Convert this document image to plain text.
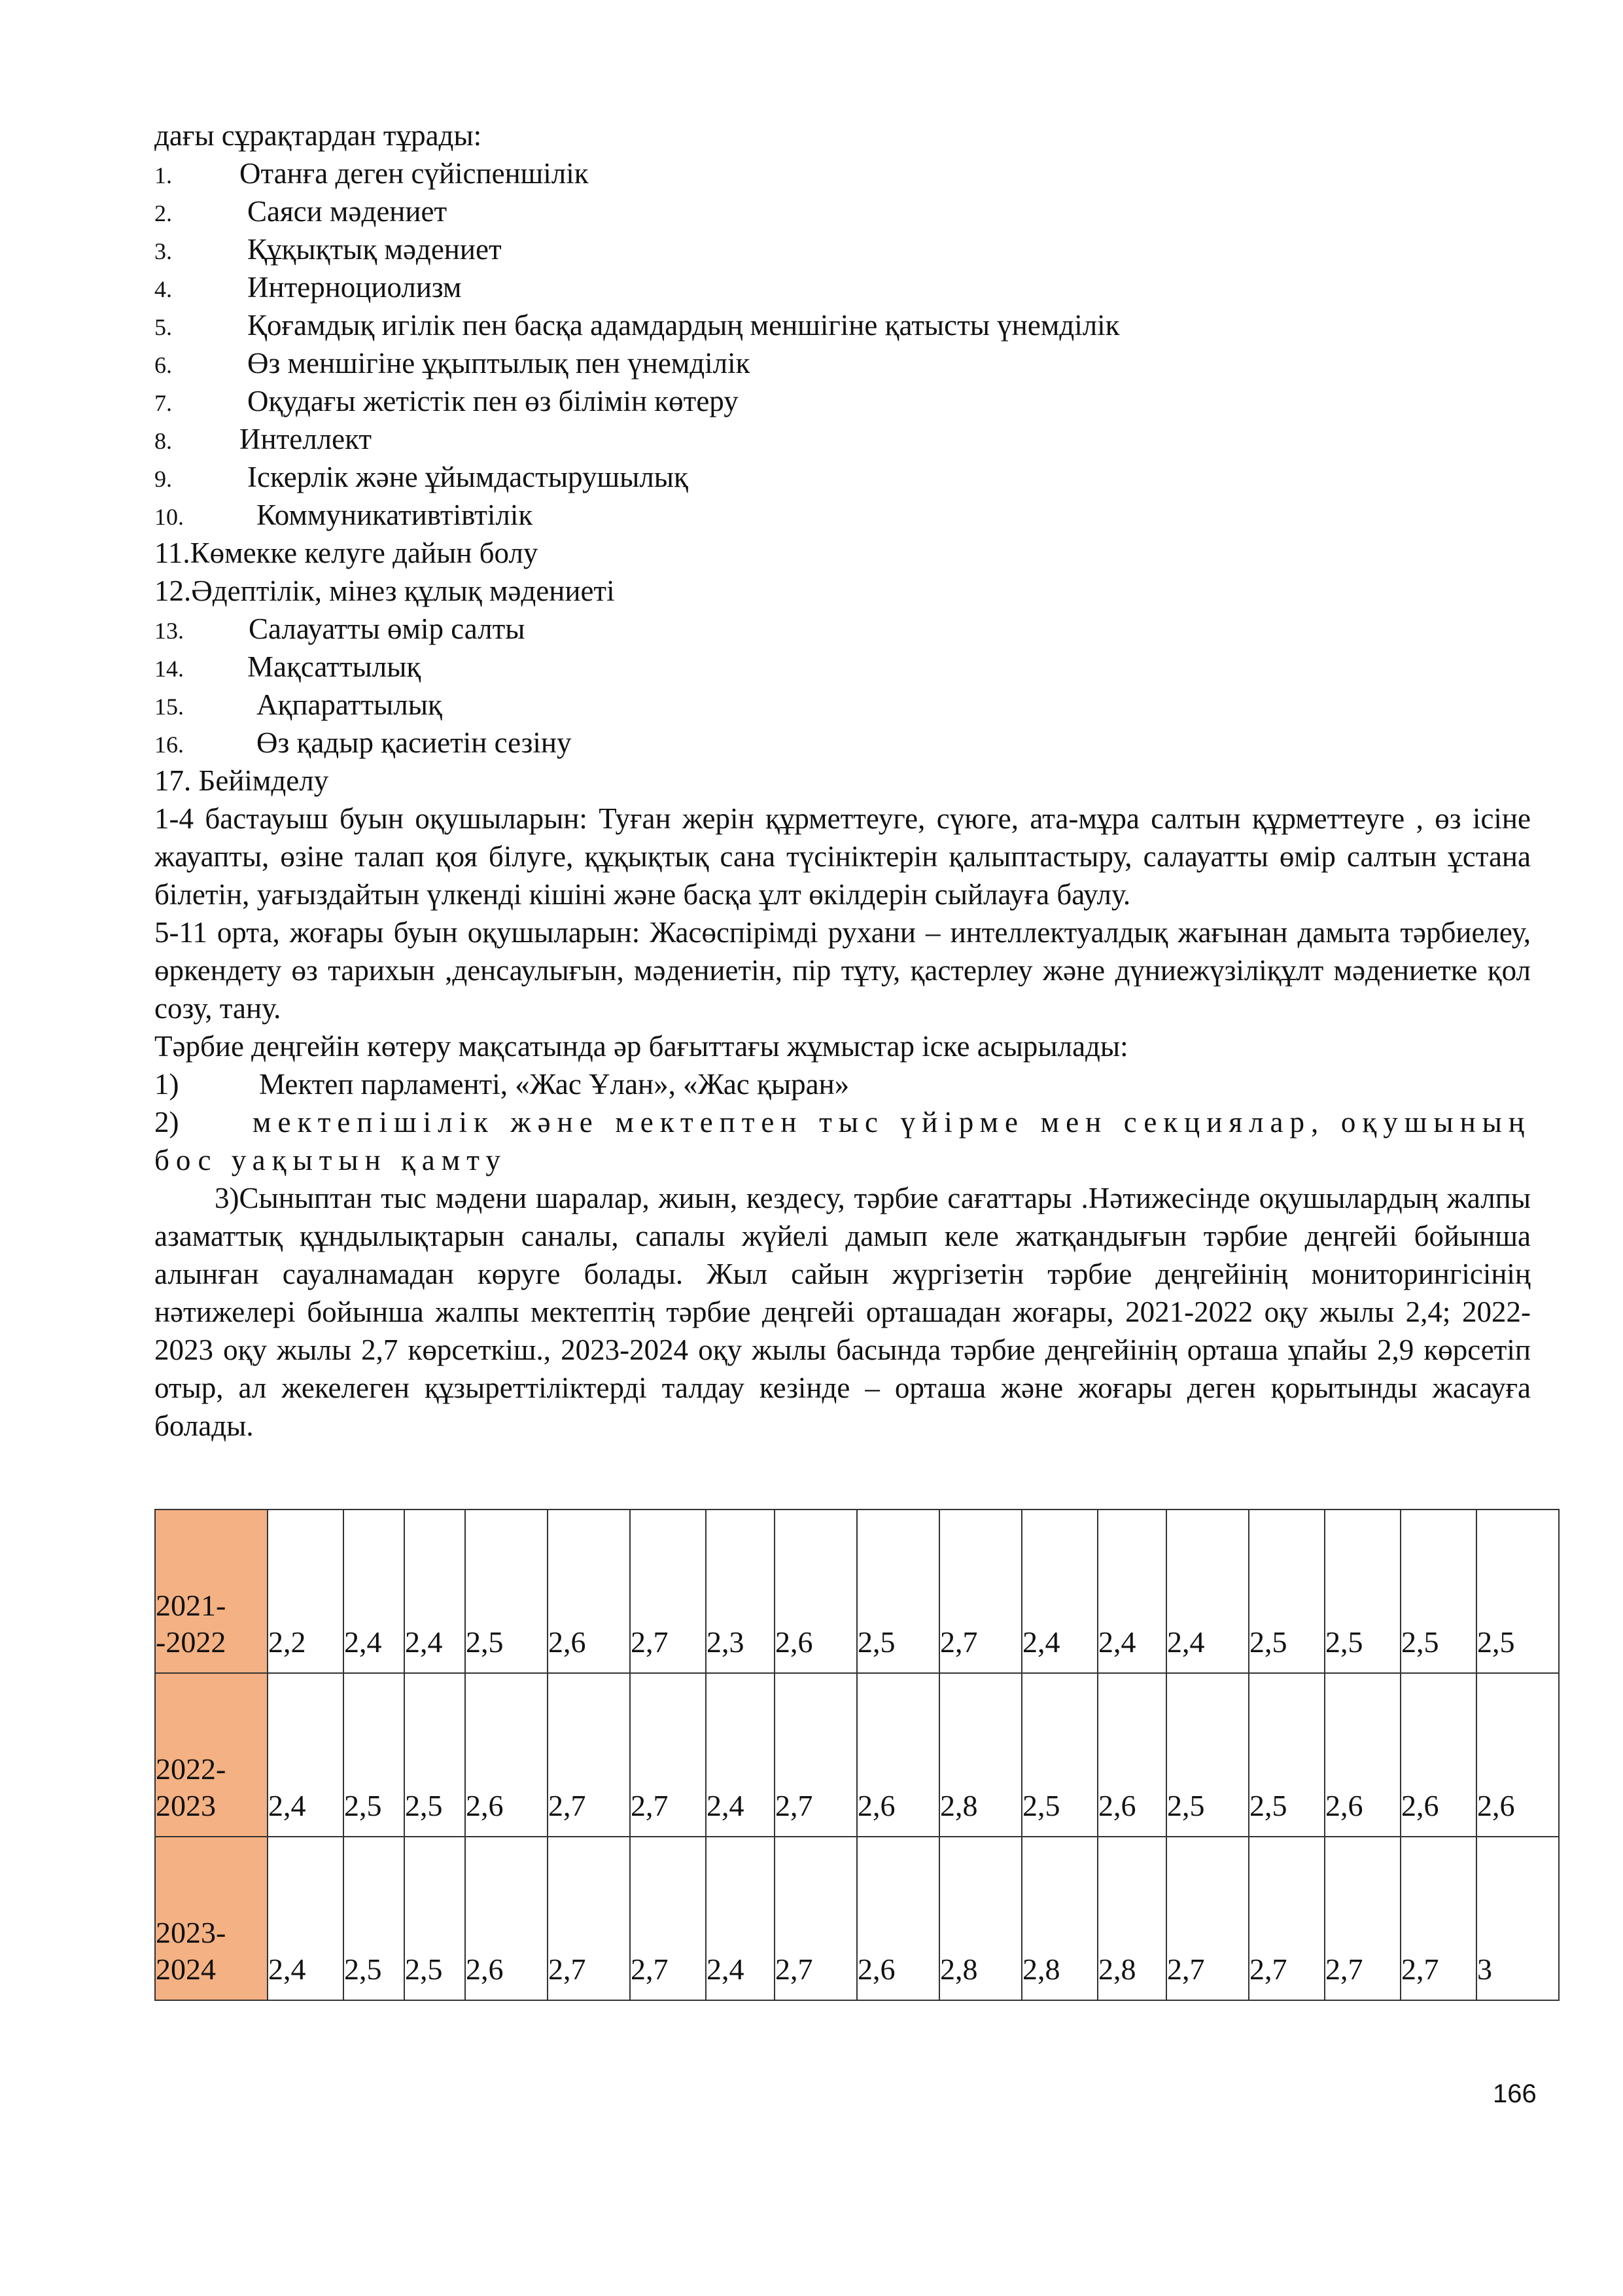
дағы сұрақтардан тұрады:

1. Отанға деген сүйіспеншілік
2.	Саяси мәдениет
3.	Құқықтық мәдениет
4.	Интерноциолизм
5.	Қоғамдық игілік пен басқа адамдардың меншігіне қатысты үнемділік
6.	Өз меншігіне ұқыптылық пен үнемділік
7.	Оқудағы жетістік пен өз білімін көтеру
8. Интеллект
9.	Іскерлік және ұйымдастырушылық
10. Коммуникативтівтілік
11.Көмекке келуге дайын болу
12.Әдептілік, мінез құлық мәдениеті
13. Салауатты өмір салты
14. Мақсаттылық
15. Ақпараттылық
16. Өз қадыр қасиетін сезіну
17. Бейімделу

1-4 бастауыш буын оқушыларын: Туған жерін құрметтеуге, сүюге, ата-мұра салтын құрметтеуге , өз ісіне жауапты, өзіне талап қоя білуге, құқықтық сана түсініктерін қалыптастыру, салауатты өмір салтын ұстана білетін, уағыздайтын үлкенді кішіні және басқа ұлт өкілдерін сыйлауға баулу.

5-11 орта, жоғары буын оқушыларын: Жасөспірімді рухани – интеллектуалдық жағынан дамыта тәрбиелеу, өркендету өз тарихын ,денсаулығын, мәдениетін, пір тұту, қастерлеу және дүниежүзіліқұлт мәдениетке қол созу, тану.

Тәрбие деңгейін көтеру мақсатында әр бағыттағы жұмыстар іске асырылады:

1)	Мектеп парламенті, «Жас Ұлан», «Жас қыран»
2)	мектепішілік және мектептен тыс үйірме мен секциялар, оқушының бос уақытын қамту

3)Сыныптан тыс мәдени шаралар, жиын, кездесу, тәрбие сағаттары .Нәтижесінде оқушылардың жалпы азаматтық құндылықтарын саналы, сапалы жүйелі дамып келе жатқандығын тәрбие деңгейі бойынша алынған сауалнамадан көруге болады. Жыл сайын жүргізетін тәрбие деңгейінің мониторингісінің нәтижелері бойынша жалпы мектептің тәрбие деңгейі орташадан жоғары, 2021-2022 оқу жылы 2,4; 2022-2023 оқу жылы 2,7 көрсеткіш., 2023-2024 оқу жылы басында тәрбие деңгейінің орташа ұпайы 2,9 көрсетіп отыр, ал жекелеген құзыреттіліктерді талдау кезінде – орташа және жоғары деген қорытынды жасауға болады.

2021-
-2022	2,2	2,4	2,4	2,5	2,6	2,7	2,3	2,6	2,5	2,7	2,4	2,4	2,4	2,5	2,5	2,5	2,5

2022-
2023	2,4	2,5	2,5	2,6	2,7	2,7	2,4	2,7	2,6	2,8	2,5	2,6	2,5	2,5	2,6	2,6	2,6

2023-
2024	2,4	2,5	2,5	2,6	2,7	2,7	2,4	2,7	2,6	2,8	2,8	2,8	2,7	2,7	2,7	2,7	3
166
